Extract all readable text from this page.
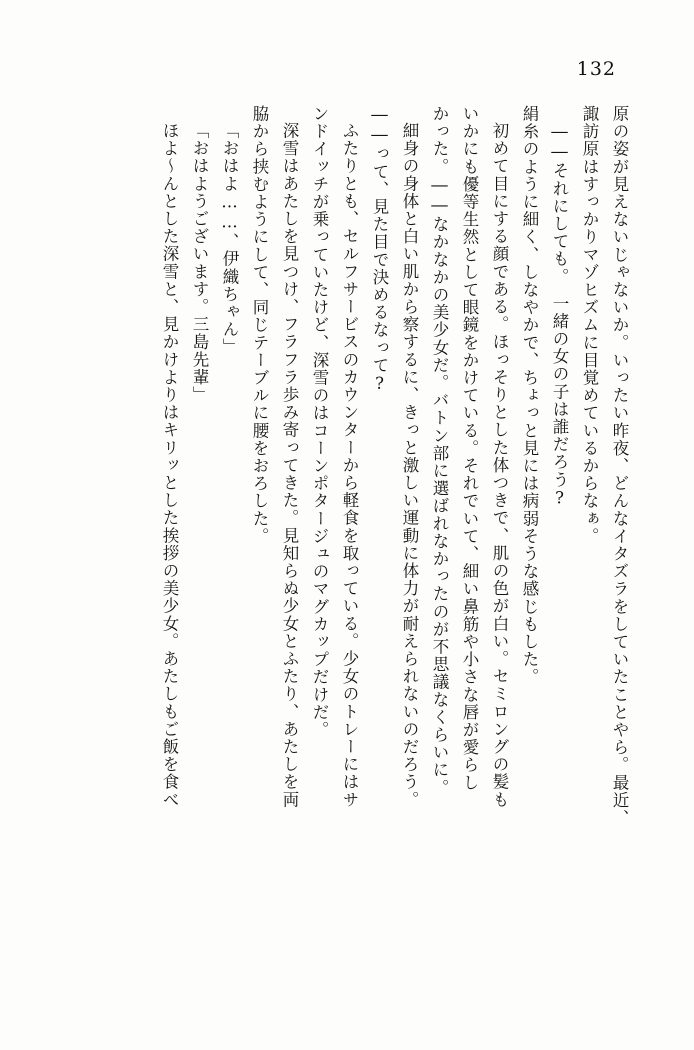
132
原の姿が見えないじゃないか。いったい昨夜、どんなイタズラをしていたことやら。最近、
諏訪原はすっかりマゾヒズムに目覚めているからなぁ。
――それにしても。　一緒の女の子は誰だろう?
絹糸のように細く、しなやかで、ちょっと見には病弱そうな感じもした。
初めて目にする顔である。ほっそりとした体つきで、肌の色が白い。セミロングの髪も
いかにも優等生然として眼鏡をかけている。それでいて、細い鼻筋や小さな唇が愛らし
かった。――なかなかの美少女だ。バトン部に選ばれなかったのが不思議なくらいに。
細身の身体と白い肌から察するに、きっと激しい運動に体力が耐えられないのだろう。
――って、見た目で決めるなって?
ふたりとも、セルフサービスのカウンターから軽食を取っている。少女のトレーにはサ
ンドイッチが乗っていたけど、深雪のはコーンポタージュのマグカップだけだ。
深雪はあたしを見つけ、フラフラ歩み寄ってきた。見知らぬ少女とふたり、あたしを両
脇から挟むようにして、同じテーブルに腰をおろした。
「おはよ……、伊織ちゃん」
「おはようございます。三島先輩」
ほよ～んとした深雪と、見かけよりはキリッとした挨拶の美少女。あたしもご飯を食べ
